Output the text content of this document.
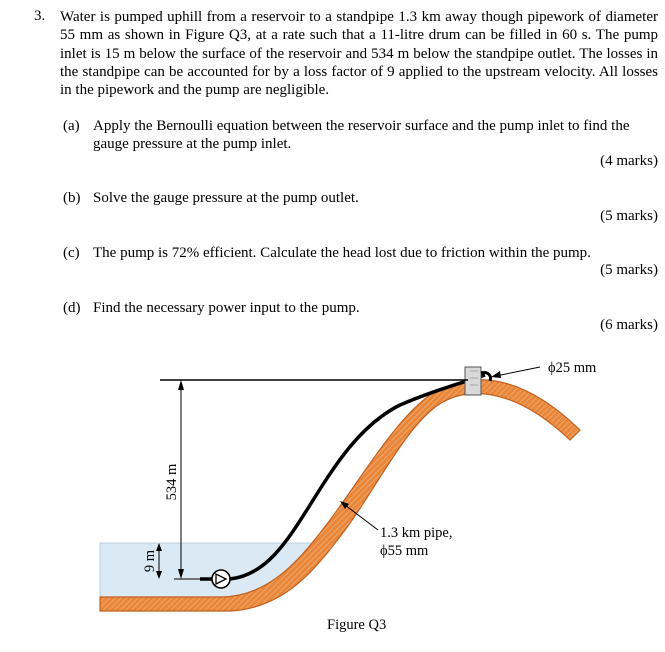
3. Water is pumped uphill from a reservoir to a standpipe 1.3 km away though pipework of diameter 55 mm as shown in Figure Q3, at a rate such that a 11-litre drum can be filled in 60 s. The pump inlet is 15 m below the surface of the reservoir and 534 m below the standpipe outlet. The losses in the standpipe can be accounted for by a loss factor of 9 applied to the upstream velocity. All losses in the pipework and the pump are negligible.
(a) Apply the Bernoulli equation between the reservoir surface and the pump inlet to find the
gauge pressure at the pump inlet.
(4 marks)
(b) Solve the gauge pressure at the pump outlet.
(5 marks)
(c) The pump is 72% efficient. Calculate the head lost due to friction within the pump.
(5 marks)
(d) Find the necessary power input to the pump.
(6 marks)
534 m
9 m
ϕ25 mm
1.3 km pipe,
ϕ55 mm
Figure Q3
